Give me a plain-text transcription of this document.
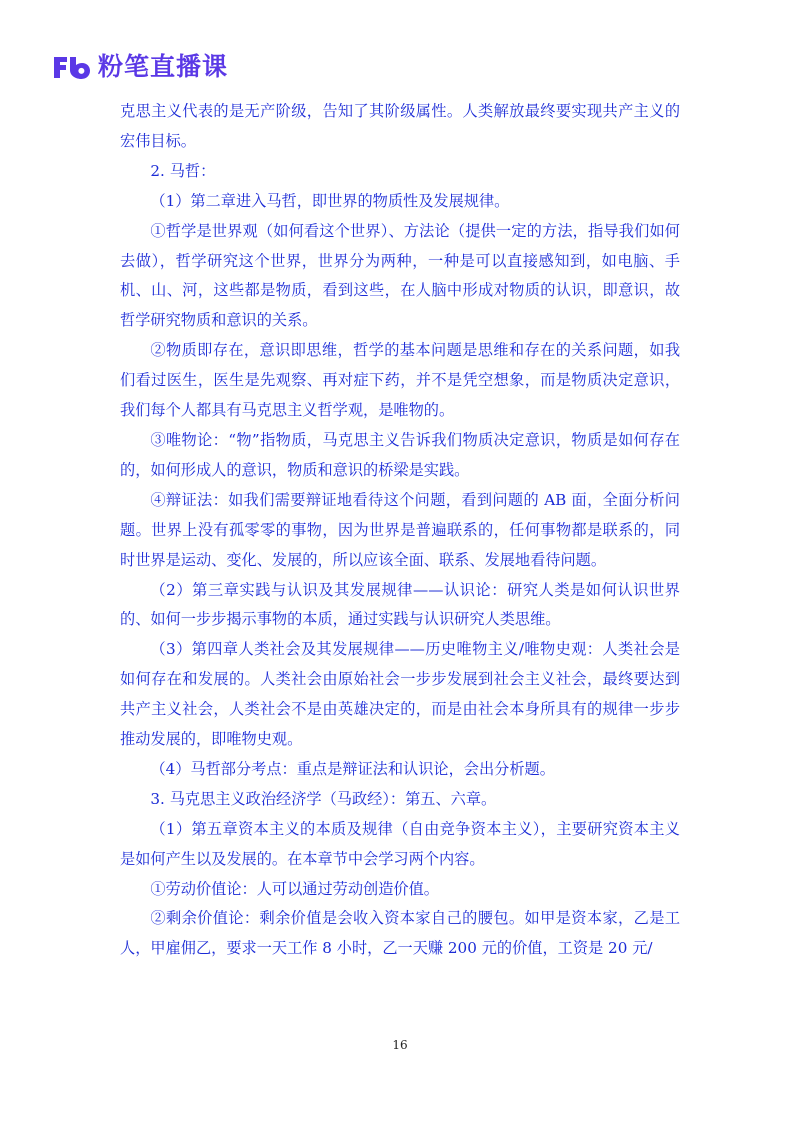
粉笔直播课

克思主义代表的是无产阶级，告知了其阶级属性。人类解放最终要实现共产主义的宏伟目标。

2. 马哲：

（1）第二章进入马哲，即世界的物质性及发展规律。

①哲学是世界观（如何看这个世界）、方法论（提供一定的方法，指导我们如何去做），哲学研究这个世界，世界分为两种，一种是可以直接感知到，如电脑、手机、山、河，这些都是物质，看到这些，在人脑中形成对物质的认识，即意识，故哲学研究物质和意识的关系。

②物质即存在，意识即思维，哲学的基本问题是思维和存在的关系问题，如我们看过医生，医生是先观察、再对症下药，并不是凭空想象，而是物质决定意识，我们每个人都具有马克思主义哲学观，是唯物的。

③唯物论：“物”指物质，马克思主义告诉我们物质决定意识，物质是如何存在的，如何形成人的意识，物质和意识的桥梁是实践。

④辩证法：如我们需要辩证地看待这个问题，看到问题的 AB 面，全面分析问题。世界上没有孤零零的事物，因为世界是普遍联系的，任何事物都是联系的，同时世界是运动、变化、发展的，所以应该全面、联系、发展地看待问题。

（2）第三章实践与认识及其发展规律——认识论：研究人类是如何认识世界的、如何一步步揭示事物的本质，通过实践与认识研究人类思维。

（3）第四章人类社会及其发展规律——历史唯物主义/唯物史观：人类社会是如何存在和发展的。人类社会由原始社会一步步发展到社会主义社会，最终要达到共产主义社会，人类社会不是由英雄决定的，而是由社会本身所具有的规律一步步推动发展的，即唯物史观。

（4）马哲部分考点：重点是辩证法和认识论，会出分析题。

3. 马克思主义政治经济学（马政经）：第五、六章。

（1）第五章资本主义的本质及规律（自由竞争资本主义），主要研究资本主义是如何产生以及发展的。在本章节中会学习两个内容。

①劳动价值论：人可以通过劳动创造价值。

②剩余价值论：剩余价值是会收入资本家自己的腰包。如甲是资本家，乙是工人，甲雇佣乙，要求一天工作 8 小时，乙一天赚 200 元的价值，工资是 20 元/

16
